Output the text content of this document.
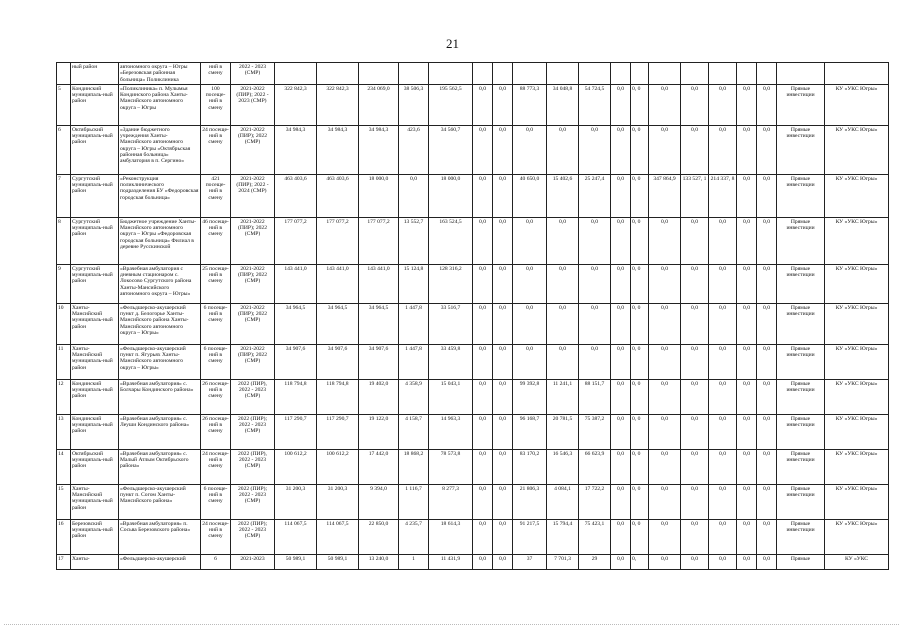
21
	ный район	автономного округа – Югры «Березовская районная больница» Поликлиника	ний в смену	2022 - 2023 (СМР)																			
5	Кондинский муниципаль-ный район	«Поликлиника» п. Мулымья Кондинского района Ханты-Мансийского автономного округа – Югры	100 посеще-ний в смену	2021-2022 (ПИР); 2022 - 2023 (СМР)	322 842,3	322 842,3	234 069,0	38 506,3	195 562,5	0,0	0,0	88 773,3	34 048,8	54 724,5	0,0	0, 0	0,0	0,0	0,0	0,0	0,0	Прямые инвестиции	КУ «УКС Югры»
6	Октябрьский муниципаль-ный район	«Здание бюджетного учреждения Ханты-Мансийского автономного округа – Югры «Октябрьская районная больница» амбулатория в п. Сергино»	24 посеще-ний в смену	2021-2022 (ПИР); 2022 (СМР)	34 984,3	34 984,3	34 984,3	423,6	34 560,7	0,0	0,0	0,0	0,0	0,0	0,0	0, 0	0,0	0,0	0,0	0,0	0,0	Прямые инвестиции	КУ «УКС Югры»
7	Сургутский муниципаль-ный район	«Реконструкция поликлинического подразделения БУ «Федоровская городская больница»	421 посеще-ний в смену	2021-2022 (ПИР); 2022 - 2024 (СМР)	463 403,6	463 403,6	18 000,0	0,0	18 000,0	0,0	0,0	40 650,0	15 402,6	25 247,4	0,0	0, 0	347 864,9	133 527, 1	214 337, 8	0,0	0,0	Прямые инвестиции	КУ «УКС Югры»
8	Сургутский муниципаль-ный район	Бюджетное учреждение Ханты-Мансийского автономного округа – Югры «Федоровская городская больница» Филиал в деревне Русскинской	46 посеще-ний в смену	2021-2022 (ПИР); 2022 (СМР)	177 077,2	177 077,2	177 077,2	13 552,7	163 524,5	0,0	0,0	0,0	0,0	0,0	0,0	0, 0	0,0	0,0	0,0	0,0	0,0	Прямые инвестиции	КУ «УКС Югры»
9	Сургутский муниципаль-ный район	«Врачебная амбулатория с дневным стационаром с. Локосово Сургутского района Ханты-Мансийского автономного округа – Югры»	25 посеще-ний в смену	2021-2022 (ПИР); 2022 (СМР)	143 441,0	143 441,0	143 441,0	15 124,8	128 316,2	0,0	0,0	0,0	0,0	0,0	0,0	0, 0	0,0	0,0	0,0	0,0	0,0	Прямые инвестиции	КУ «УКС Югры»
10	Ханты-Мансийский муниципаль-ный район	«Фельдшерско-акушерский пункт д. Белогорье Ханты-Мансийского района Ханты-Мансийского автономного округа – Югры»	6 посеще-ний в смену	2021-2022 (ПИР); 2022 (СМР)	34 964,5	34 964,5	34 964,5	1 447,8	33 516,7	0,0	0,0	0,0	0,0	0,0	0,0	0, 0	0,0	0,0	0,0	0,0	0,0	Прямые инвестиции	КУ «УКС Югры»
11	Ханты-Мансийский муниципаль-ный район	«Фельдшерско-акушерский пункт п. Ягурьях Ханты-Мансийского автономного округа – Югры»	6 посеще-ний в смену	2021-2022 (ПИР); 2022 (СМР)	34 907,6	34 907,6	34 907,6	1 447,8	33 459,8	0,0	0,0	0,0	0,0	0,0	0,0	0, 0	0,0	0,0	0,0	0,0	0,0	Прямые инвестиции	КУ «УКС Югры»
12	Кондинский муниципаль-ный район	«Врачебная амбулатория» с. Болчары Кондинского района»	26 посеще-ний в смену	2022 (ПИР), 2022 - 2023 (СМР)	118 794,8	118 794,8	19 402,0	4 358,9	15 043,1	0,0	0,0	99 392,8	11 241,1	88 151,7	0,0	0, 0	0,0	0,0	0,0	0,0	0,0	Прямые инвестиции	КУ «УКС Югры»
13	Кондинский муниципаль-ный район	«Врачебная амбулатория» с. Леуши Кондинского района»	26 посеще-ний в смену	2022 (ПИР); 2022 - 2023 (СМР)	117 290,7	117 290,7	19 122,0	4 158,7	14 963,3	0,0	0,0	96 168,7	20 781,5	75 387,2	0,0	0, 0	0,0	0,0	0,0	0,0	0,0	Прямые инвестиции	КУ «УКС Югры»
14	Октябрьский муниципаль-ный район	«Врачебная амбулатория» с. Малый Атлым Октябрьского района»	24 посеще-ний в смену	2022 (ПИР), 2022 - 2023 (СМР)	100 612,2	100 612,2	17 442,0	18 868,2	78 573,8	0,0	0,0	83 170,2	16 546,3	66 623,9	0,0	0, 0	0,0	0,0	0,0	0,0	0,0	Прямые инвестиции	КУ «УКС Югры»
15	Ханты-Мансийский муниципаль-ный район	«Фельдшерско-акушерский пункт п. Согом Ханты-Мансийского района»	6 посеще-ний в смену	2022 (ПИР); 2022 - 2023 (СМР)	31 200,3	31 200,3	9 394,0	1 116,7	8 277,3	0,0	0,0	21 806,3	4 084,1	17 722,2	0,0	0, 0	0,0	0,0	0,0	0,0	0,0	Прямые инвестиции	КУ «УКС Югры»
16	Березовский муниципаль-ный район	«Врачебная амбулатория» п. Сосьва Березовского района»	24 посеще-ний в смену	2022 (ПИР); 2022 - 2023 (СМР)	114 067,5	114 067,5	22 850,0	4 235,7	18 614,3	0,0	0,0	91 217,5	15 794,4	75 423,1	0,0	0, 0	0,0	0,0	0,0	0,0	0,0	Прямые инвестиции	КУ «УКС Югры»
17	Ханты-	«Фельдшерско-акушерский	6	2021-2023	50 989,1	50 989,1	13 240,0	1	11 431,9	0,0	0,0	37	7 701,3	29	0,0	0,	0,0	0,0	0,0	0,0	0,0	Прямые	КУ «УКС
